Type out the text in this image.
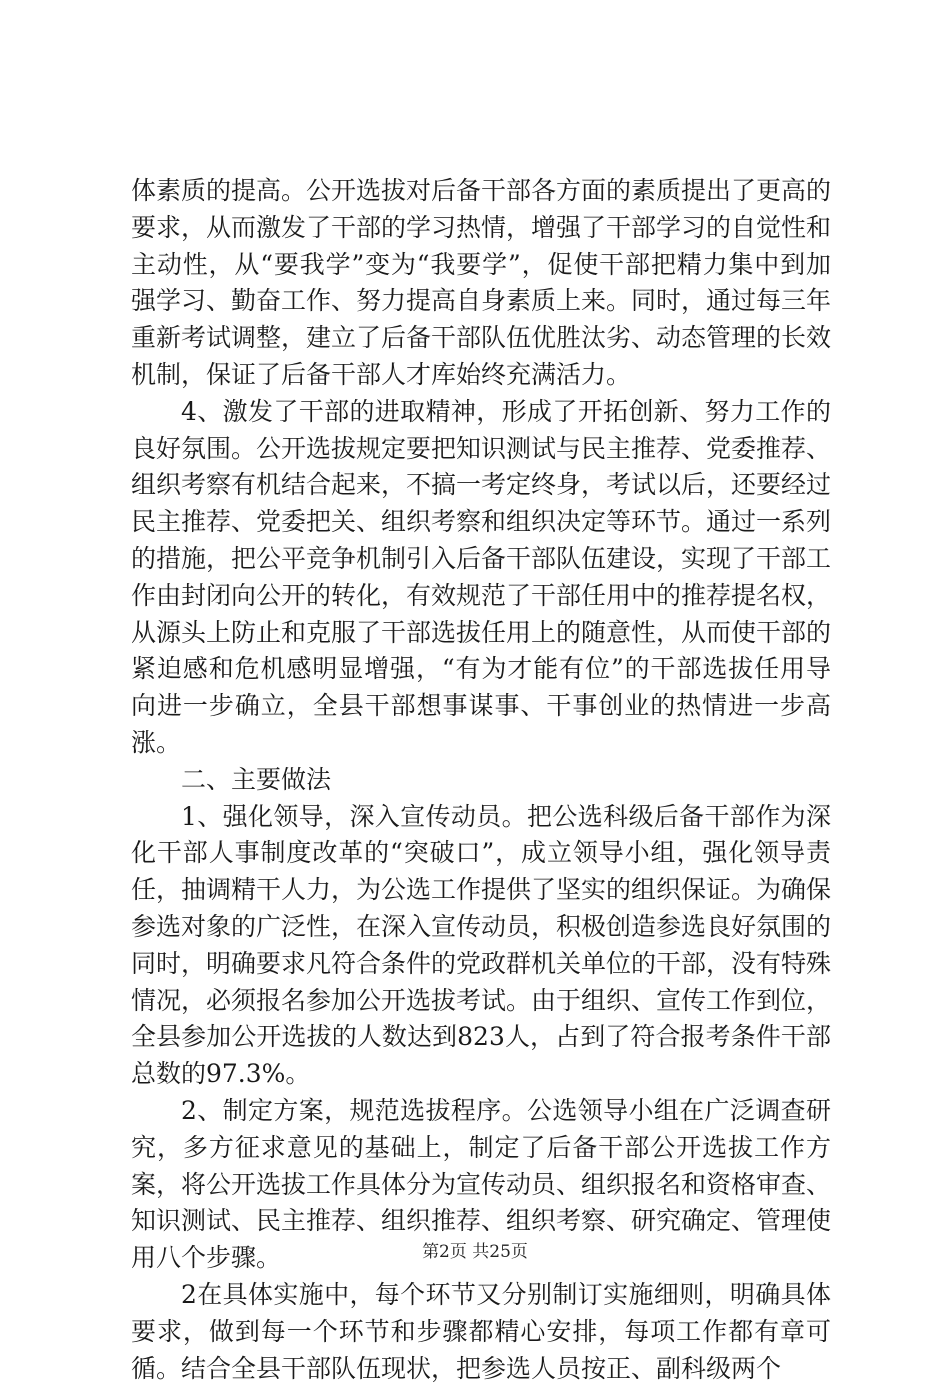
体素质的提高。公开选拔对后备干部各方面的素质提出了更高的要求，从而激发了干部的学习热情，增强了干部学习的自觉性和主动性，从“要我学”变为“我要学”，促使干部把精力集中到加强学习、勤奋工作、努力提高自身素质上来。同时，通过每三年重新考试调整，建立了后备干部队伍优胜汰劣、动态管理的长效机制，保证了后备干部人才库始终充满活力。

4、激发了干部的进取精神，形成了开拓创新、努力工作的良好氛围。公开选拔规定要把知识测试与民主推荐、党委推荐、组织考察有机结合起来，不搞一考定终身，考试以后，还要经过民主推荐、党委把关、组织考察和组织决定等环节。通过一系列的措施，把公平竞争机制引入后备干部队伍建设，实现了干部工作由封闭向公开的转化，有效规范了干部任用中的推荐提名权，从源头上防止和克服了干部选拔任用上的随意性，从而使干部的紧迫感和危机感明显增强，“有为才能有位”的干部选拔任用导向进一步确立，全县干部想事谋事、干事创业的热情进一步高涨。

二、主要做法

1、强化领导，深入宣传动员。把公选科级后备干部作为深化干部人事制度改革的“突破口”，成立领导小组，强化领导责任，抽调精干人力，为公选工作提供了坚实的组织保证。为确保参选对象的广泛性，在深入宣传动员，积极创造参选良好氛围的同时，明确要求凡符合条件的党政群机关单位的干部，没有特殊情况，必须报名参加公开选拔考试。由于组织、宣传工作到位，全县参加公开选拔的人数达到823人，占到了符合报考条件干部总数的97.3%。

2、制定方案，规范选拔程序。公选领导小组在广泛调查研究，多方征求意见的基础上，制定了后备干部公开选拔工作方案，将公开选拔工作具体分为宣传动员、组织报名和资格审查、知识测试、民主推荐、组织推荐、组织考察、研究确定、管理使用八个步骤。

2在具体实施中，每个环节又分别制订实施细则，明确具体要求，做到每一个环节和步骤都精心安排，每项工作都有章可循。结合全县干部队伍现状，把参选人员按正、副科级两个

第2页 共25页
